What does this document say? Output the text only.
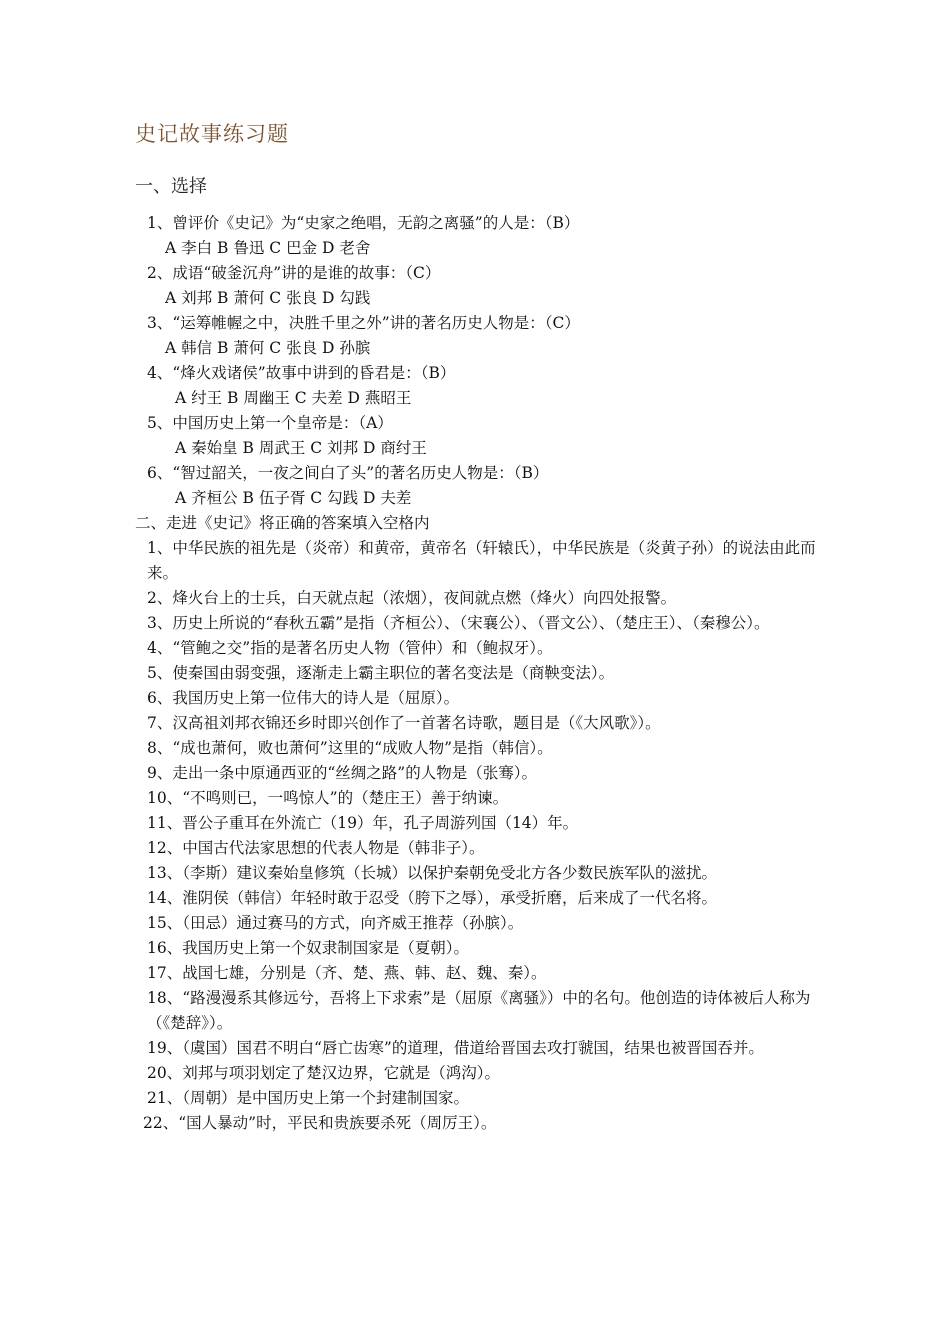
史记故事练习题
一、选择
1、曾评价《史记》为“史家之绝唱，无韵之离骚”的人是：（B）
A 李白 B 鲁迅 C 巴金 D 老舍
2、成语“破釜沉舟”讲的是谁的故事：（C）
A 刘邦 B 萧何 C 张良 D 勾践
3、“运筹帷幄之中，决胜千里之外”讲的著名历史人物是：（C）
A 韩信 B 萧何 C 张良 D 孙膑
4、“烽火戏诸侯”故事中讲到的昏君是：（B）
A 纣王 B 周幽王 C 夫差 D 燕昭王
5、中国历史上第一个皇帝是：（A）
A 秦始皇 B 周武王 C 刘邦 D 商纣王
6、“智过韶关，一夜之间白了头”的著名历史人物是：（B）
A 齐桓公 B 伍子胥 C 勾践 D 夫差
二、走进《史记》将正确的答案填入空格内
1、中华民族的祖先是（炎帝）和黄帝，黄帝名（轩辕氏），中华民族是（炎黄子孙）的说法由此而来。
2、烽火台上的士兵，白天就点起（浓烟），夜间就点燃（烽火）向四处报警。
3、历史上所说的“春秋五霸”是指（齐桓公）、（宋襄公）、（晋文公）、（楚庄王）、（秦穆公）。
4、“管鲍之交”指的是著名历史人物（管仲）和（鲍叔牙）。
5、使秦国由弱变强，逐渐走上霸主职位的著名变法是（商鞅变法）。
6、我国历史上第一位伟大的诗人是（屈原）。
7、汉高祖刘邦衣锦还乡时即兴创作了一首著名诗歌，题目是（《大风歌》）。
8、“成也萧何，败也萧何”这里的“成败人物”是指（韩信）。
9、走出一条中原通西亚的“丝绸之路”的人物是（张骞）。
10、“不鸣则已，一鸣惊人”的（楚庄王）善于纳谏。
11、晋公子重耳在外流亡（19）年，孔子周游列国（14）年。
12、中国古代法家思想的代表人物是（韩非子）。
13、（李斯）建议秦始皇修筑（长城）以保护秦朝免受北方各少数民族军队的滋扰。
14、淮阴侯（韩信）年轻时敢于忍受（胯下之辱），承受折磨，后来成了一代名将。
15、（田忌）通过赛马的方式，向齐威王推荐（孙膑）。
16、我国历史上第一个奴隶制国家是（夏朝）。
17、战国七雄，分别是（齐、楚、燕、韩、赵、魏、秦）。
18、“路漫漫系其修远兮，吾将上下求索”是（屈原《离骚》）中的名句。他创造的诗体被后人称为（《楚辞》）。
19、（虞国）国君不明白“唇亡齿寒”的道理，借道给晋国去攻打虢国，结果也被晋国吞并。
20、刘邦与项羽划定了楚汉边界，它就是（鸿沟）。
21、（周朝）是中国历史上第一个封建制国家。
22、“国人暴动”时，平民和贵族要杀死（周厉王）。
